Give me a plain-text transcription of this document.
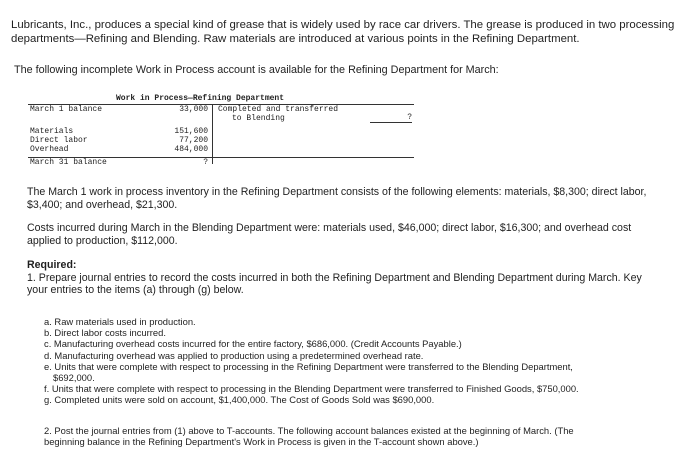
Lubricants, Inc., produces a special kind of grease that is widely used by race car drivers. The grease is produced in two processing
departments—Refining and Blending. Raw materials are introduced at various points in the Refining Department.
The following incomplete Work in Process account is available for the Refining Department for March:
Work in Process—Refining Department
March 1 balance	33,000
Materials	151,600
Direct labor	77,200
Overhead	484,000
March 31 balance	?
Completed and transferred
to Blending	?
The March 1 work in process inventory in the Refining Department consists of the following elements: materials, $8,300; direct labor,
$3,400; and overhead, $21,300.
Costs incurred during March in the Blending Department were: materials used, $46,000; direct labor, $16,300; and overhead cost
applied to production, $112,000.
Required:
1. Prepare journal entries to record the costs incurred in both the Refining Department and Blending Department during March. Key
your entries to the items (a) through (g) below.
a. Raw materials used in production.
b. Direct labor costs incurred.
c. Manufacturing overhead costs incurred for the entire factory, $686,000. (Credit Accounts Payable.)
d. Manufacturing overhead was applied to production using a predetermined overhead rate.
e. Units that were complete with respect to processing in the Refining Department were transferred to the Blending Department,
$692,000.
f. Units that were complete with respect to processing in the Blending Department were transferred to Finished Goods, $750,000.
g. Completed units were sold on account, $1,400,000. The Cost of Goods Sold was $690,000.
2. Post the journal entries from (1) above to T-accounts. The following account balances existed at the beginning of March. (The
beginning balance in the Refining Department's Work in Process is given in the T-account shown above.)
